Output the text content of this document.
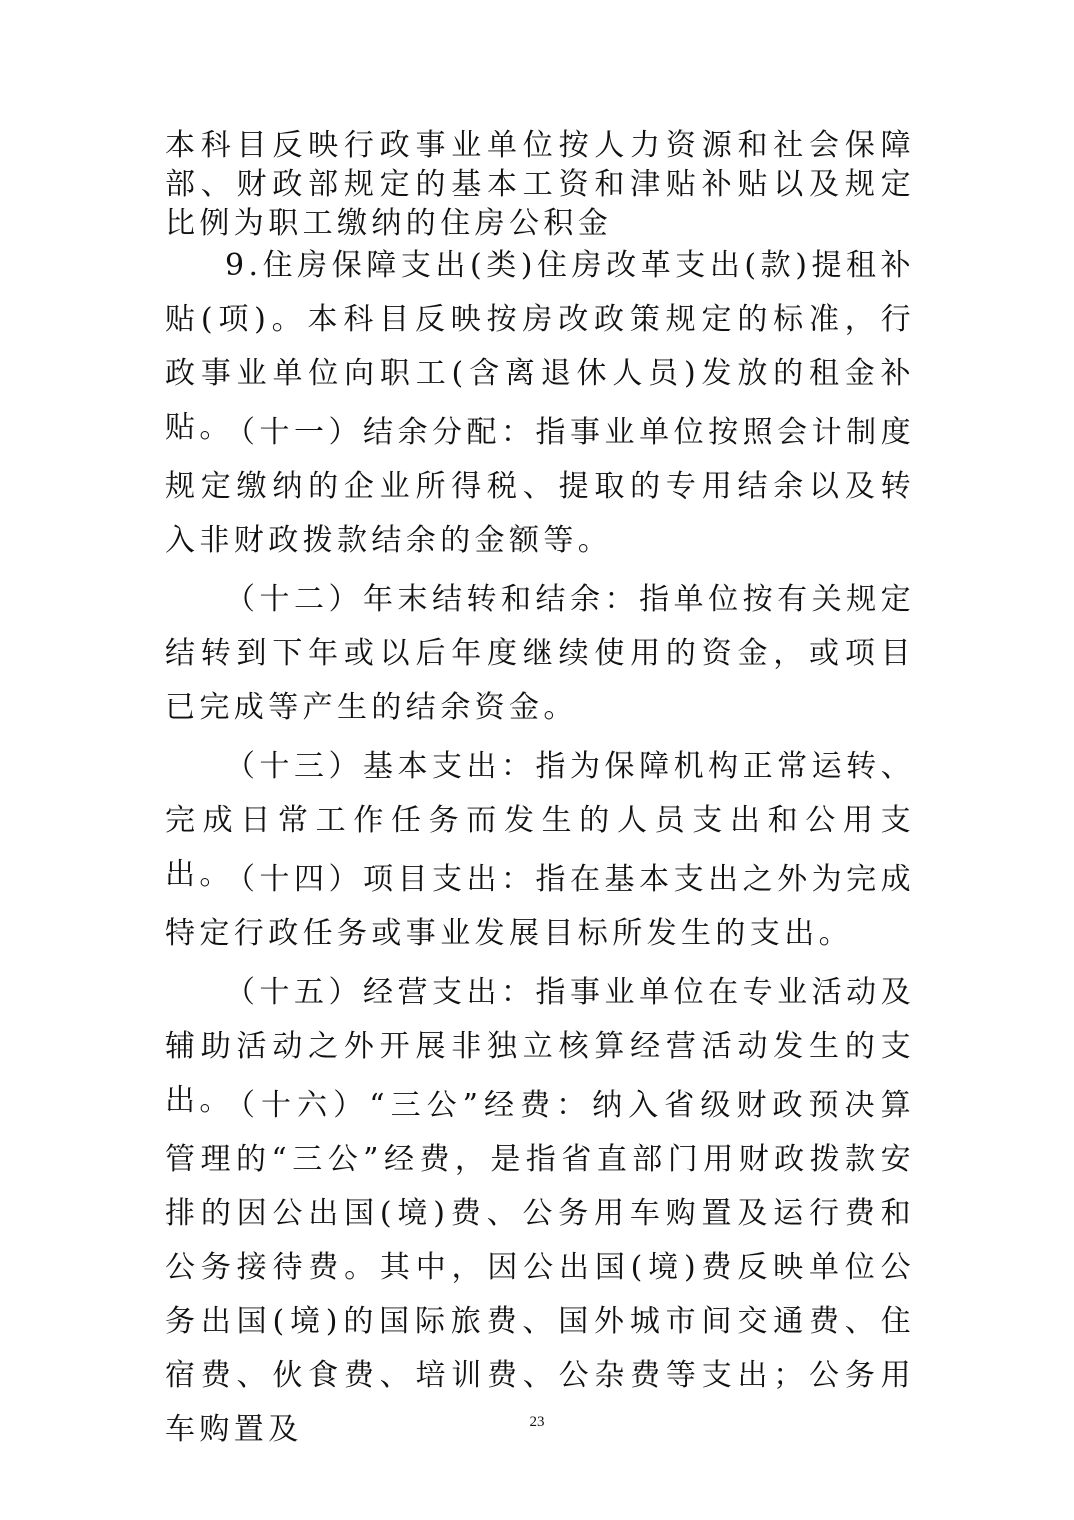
本科目反映行政事业单位按人力资源和社会保障部、财政部规定的基本工资和津贴补贴以及规定比例为职工缴纳的住房公积金

9.住房保障支出(类)住房改革支出(款)提租补贴(项)。本科目反映按房改政策规定的标准，行政事业单位向职工(含离退休人员)发放的租金补贴。

（十一）结余分配：指事业单位按照会计制度规定缴纳的企业所得税、提取的专用结余以及转入非财政拨款结余的金额等。

（十二）年末结转和结余：指单位按有关规定结转到下年或以后年度继续使用的资金，或项目已完成等产生的结余资金。

（十三）基本支出：指为保障机构正常运转、完成日常工作任务而发生的人员支出和公用支出。

（十四）项目支出：指在基本支出之外为完成特定行政任务或事业发展目标所发生的支出。

（十五）经营支出：指事业单位在专业活动及辅助活动之外开展非独立核算经营活动发生的支出。

（十六）“三公”经费：纳入省级财政预决算管理的“三公”经费，是指省直部门用财政拨款安排的因公出国(境)费、公务用车购置及运行费和公务接待费。其中，因公出国(境)费反映单位公务出国(境)的国际旅费、国外城市间交通费、住宿费、伙食费、培训费、公杂费等支出；公务用车购置及	23
